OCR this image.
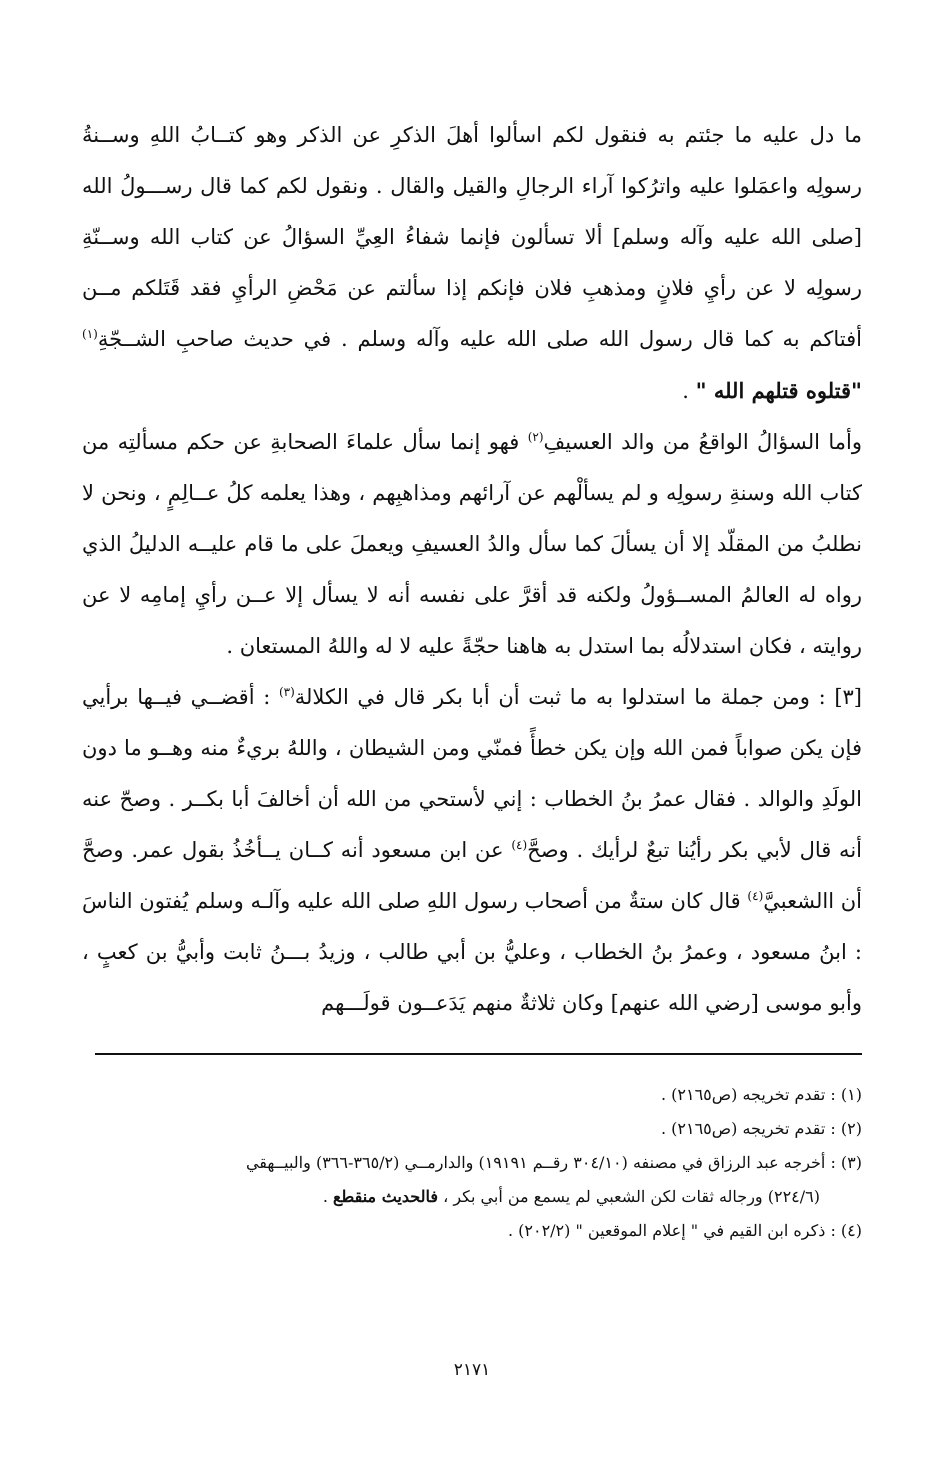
ما دل عليه ما جئتم به فنقول لكم اسألوا أهلَ الذكرِ عن الذكر وهو كتــابُ اللهِ وســنةُ رسولِه واعمَلوا عليه واترُكوا آراء الرجالِ والقيل والقال . ونقول لكم كما قال رســـولُ الله [صلى الله عليه وآله وسلم] ألا تسألون فإنما شفاءُ العِيِّ السؤالُ عن كتاب الله وســنّةِ رسولِه لا عن رأيِ فلانٍ ومذهبِ فلان فإنكم إذا سألتم عن مَحْضِ الرأيِ فقد قَتَلكم مــن أفتاكم به كما قال رسول الله صلى الله عليه وآله وسلم . في حديث صاحبِ الشــجّةِ$^{(١)}$ "قتلوه قتلهم الله " .

وأما السؤالُ الواقعُ من والد العسيفِ$^{(٢)}$ فهو إنما سأل علماءَ الصحابةِ عن حكم مسألتِه من كتاب الله وسنةِ رسولِه و لم يسألْهم عن آرائهم ومذاهبِهم ، وهذا يعلمه كلُ عــالِمٍ ، ونحن لا نطلبُ من المقلّد إلا أن يسألَ كما سأل والدُ العسيفِ ويعملَ على ما قام عليــه الدليلُ الذي رواه له العالمُ المســؤولُ ولكنه قد أقرَّ على نفسه أنه لا يسأل إلا عــن رأيِ إمامِه لا عن روايته ، فكان استدلالُه بما استدل به هاهنا حجّةً عليه لا له واللهُ المستعان .

[٣] : ومن جملة ما استدلوا به ما ثبت أن أبا بكر قال في الكلالة$^{(٣)}$ : أقضــي فيــها برأيي فإن يكن صواباً فمن الله وإن يكن خطأً فمنّي ومن الشيطان ، واللهُ بريءٌ منه وهــو ما دون الولَدِ والوالد . فقال عمرُ بنُ الخطاب : إني لأستحي من الله أن أخالفَ أبا بكــر . وصحّ عنه أنه قال لأبي بكر رأيُنا تبعٌ لرأيك . وصحَّ$^{(٤)}$ عن ابن مسعود أنه كــان يــأخُذُ بقول عمر. وصحَّ أن االشعبيَّ$^{(٤)}$ قال كان ستةٌ من أصحاب رسول اللهِ صلى الله عليه وآلـه وسلم يُفتون الناسَ : ابنُ مسعود ، وعمرُ بنُ الخطاب ، وعليُّ بن أبي طالب ، وزيدُ بـــنُ ثابت وأبيُّ بن كعبٍ ، وأبو موسى [رضي الله عنهم] وكان ثلاثةٌ منهم يَدَعــون قولَـــهم

(١) : تقدم تخريجه (ص٢١٦٥) .

(٢) : تقدم تخريجه (ص٢١٦٥) .

(٣) : أخرجه عبد الرزاق في مصنفه (٣٠٤/١٠ رقــم ١٩١٩١) والدارمــي (٣٦٥/٢-٣٦٦) والبيــهقي

(٢٢٤/٦) ورجاله ثقات لكن الشعبي لم يسمع من أبي بكر ، فالحديث منقطع .

(٤) : ذكره ابن القيم في " إعلام الموقعين " (٢٠٢/٢) .

٢١٧١
